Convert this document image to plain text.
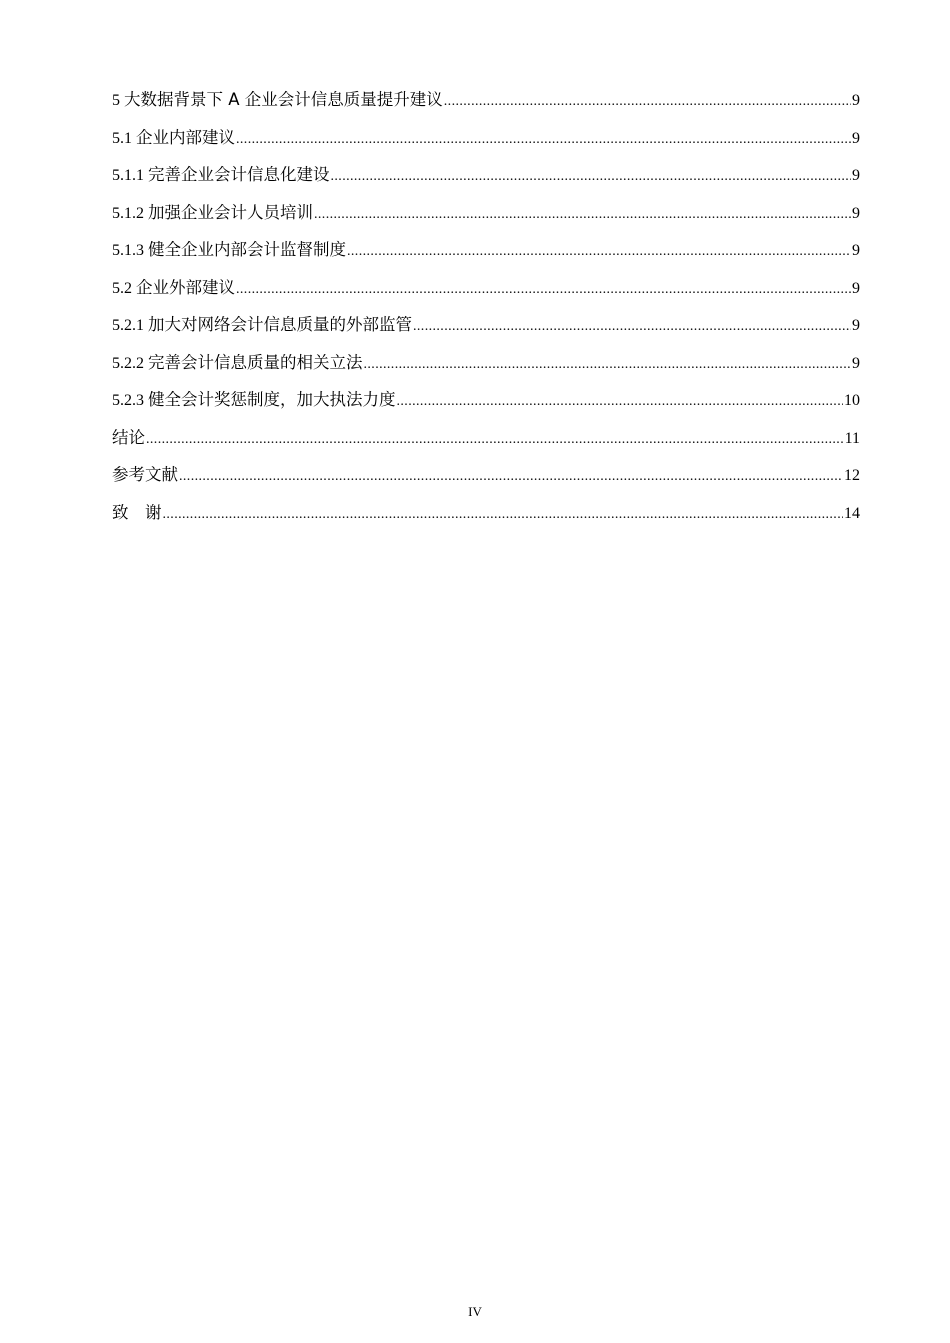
5 大数据背景下 A 企业会计信息质量提升建议 .....	9
5.1 企业内部建议 .....	9
5.1.1 完善企业会计信息化建设 .....	9
5.1.2 加强企业会计人员培训 .....	9
5.1.3 健全企业内部会计监督制度 .....	9
5.2 企业外部建议 .....	9
5.2.1 加大对网络会计信息质量的外部监管 .....	9
5.2.2 完善会计信息质量的相关立法 .....	9
5.2.3 健全会计奖惩制度，加大执法力度 .....	10
结论 .....	11
参考文献 .....	12
致　谢 .....	14
IV
